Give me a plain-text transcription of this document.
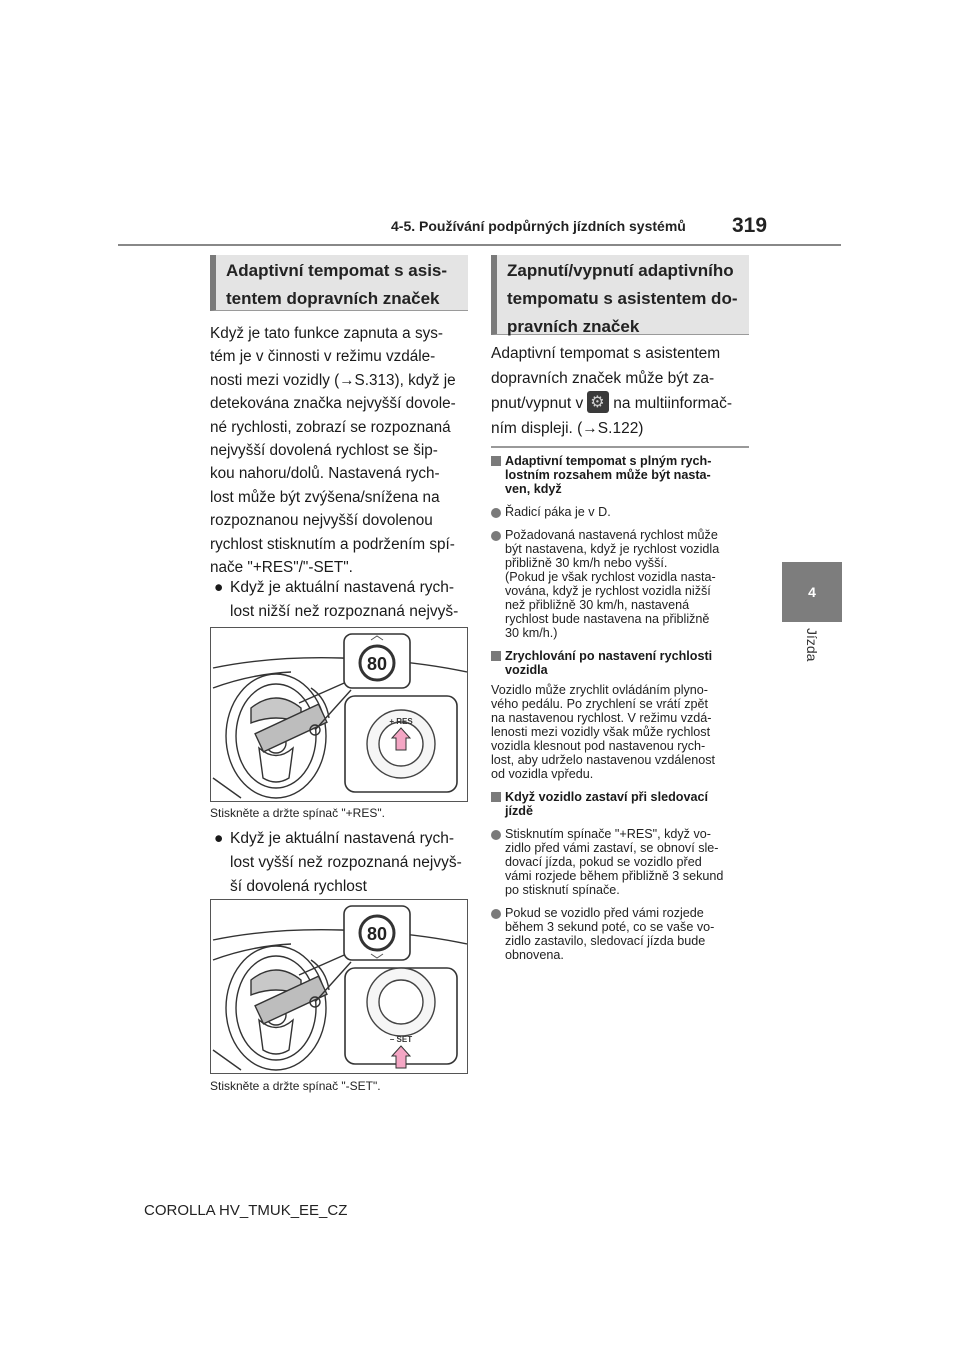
4-5. Používání podpůrných jízdních systémů 319
4
Jízda
Adaptivní tempomat s asis-
tentem dopravních značek
Když je tato funkce zapnuta a sys-
tém je v činnosti v režimu vzdále-
nosti mezi vozidly (→S.313), když je
detekována značka nejvyšší dovole-
né rychlosti, zobrazí se rozpoznaná
nejvyšší dovolená rychlost se šip-
kou nahoru/dolů. Nastavená rych-
lost může být zvýšena/snížena na
rozpoznanou nejvyšší dovolenou
rychlost stisknutím a podržením spí-
nače "+RES"/"-SET".
● Když je aktuální nastavená rych-
lost nižší než rozpoznaná nejvyš-
80
+ RES
Stiskněte a držte spínač "+RES".
● Když je aktuální nastavená rych-
lost vyšší než rozpoznaná nejvyš-
ší dovolená rychlost
80
– SET
Stiskněte a držte spínač "-SET".
Zapnutí/vypnutí adaptivního
tempomatu s asistentem do-
pravních značek
Adaptivní tempomat s asistentem
dopravních značek může být za-
pnut/vypnut v⚙ na multiinformač-
ním displeji. (→S.122)
Adaptivní tempomat s plným rych-
lostním rozsahem může být nasta-
ven, když
Řadicí páka je v D.
Požadovaná nastavená rychlost může
být nastavena, když je rychlost vozidla
přibližně 30 km/h nebo vyšší.
(Pokud je však rychlost vozidla nasta-
vována, když je rychlost vozidla nižší
než přibližně 30 km/h, nastavená
rychlost bude nastavena na přibližně
30 km/h.)
Zrychlování po nastavení rychlosti
vozidla
Vozidlo může zrychlit ovládáním plyno-
vého pedálu. Po zrychlení se vrátí zpět
na nastavenou rychlost. V režimu vzdá-
lenosti mezi vozidly však může rychlost
vozidla klesnout pod nastavenou rych-
lost, aby udrželo nastavenou vzdálenost
od vozidla vpředu.
Když vozidlo zastaví při sledovací
jízdě
Stisknutím spínače "+RES", když vo-
zidlo před vámi zastaví, se obnoví sle-
dovací jízda, pokud se vozidlo před
vámi rozjede během přibližně 3 sekund
po stisknutí spínače.
Pokud se vozidlo před vámi rozjede
během 3 sekund poté, co se vaše vo-
zidlo zastavilo, sledovací jízda bude
obnovena.
COROLLA HV_TMUK_EE_CZ
